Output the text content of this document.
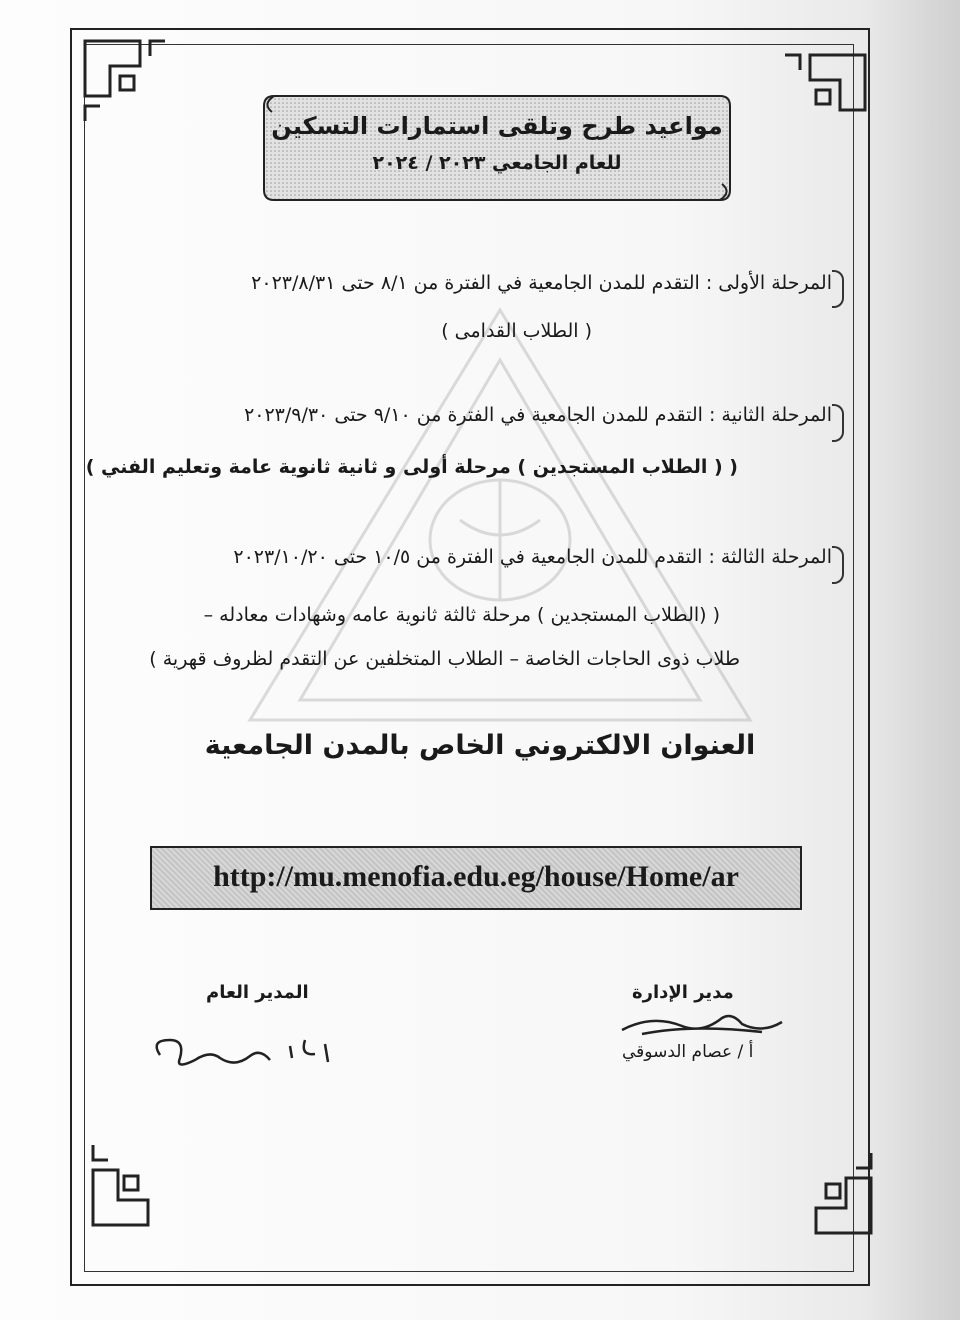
مواعيد طرح وتلقى استمارات التسكين
للعام الجامعي ٢٠٢٣ / ٢٠٢٤
المرحلة الأولى : التقدم للمدن الجامعية في الفترة من ٨/١ حتى ٢٠٢٣/٨/٣١
( الطلاب القدامى )
المرحلة الثانية : التقدم للمدن الجامعية في الفترة من ٩/١٠ حتى ٢٠٢٣/٩/٣٠
( ( الطلاب المستجدين ) مرحلة أولى و ثانية ثانوية عامة وتعليم الفني )
المرحلة الثالثة : التقدم للمدن الجامعية في الفترة من ١٠/٥ حتى ٢٠٢٣/١٠/٢٠
( (الطلاب المستجدين ) مرحلة ثالثة ثانوية عامه وشهادات معادله –
طلاب ذوى الحاجات الخاصة – الطلاب المتخلفين عن التقدم لظروف قهرية )
العنوان الالكتروني الخاص بالمدن الجامعية
http://mu.menofia.edu.eg/house/Home/ar
المدير العام	مدير الإدارة
أ / عصام الدسوقي
